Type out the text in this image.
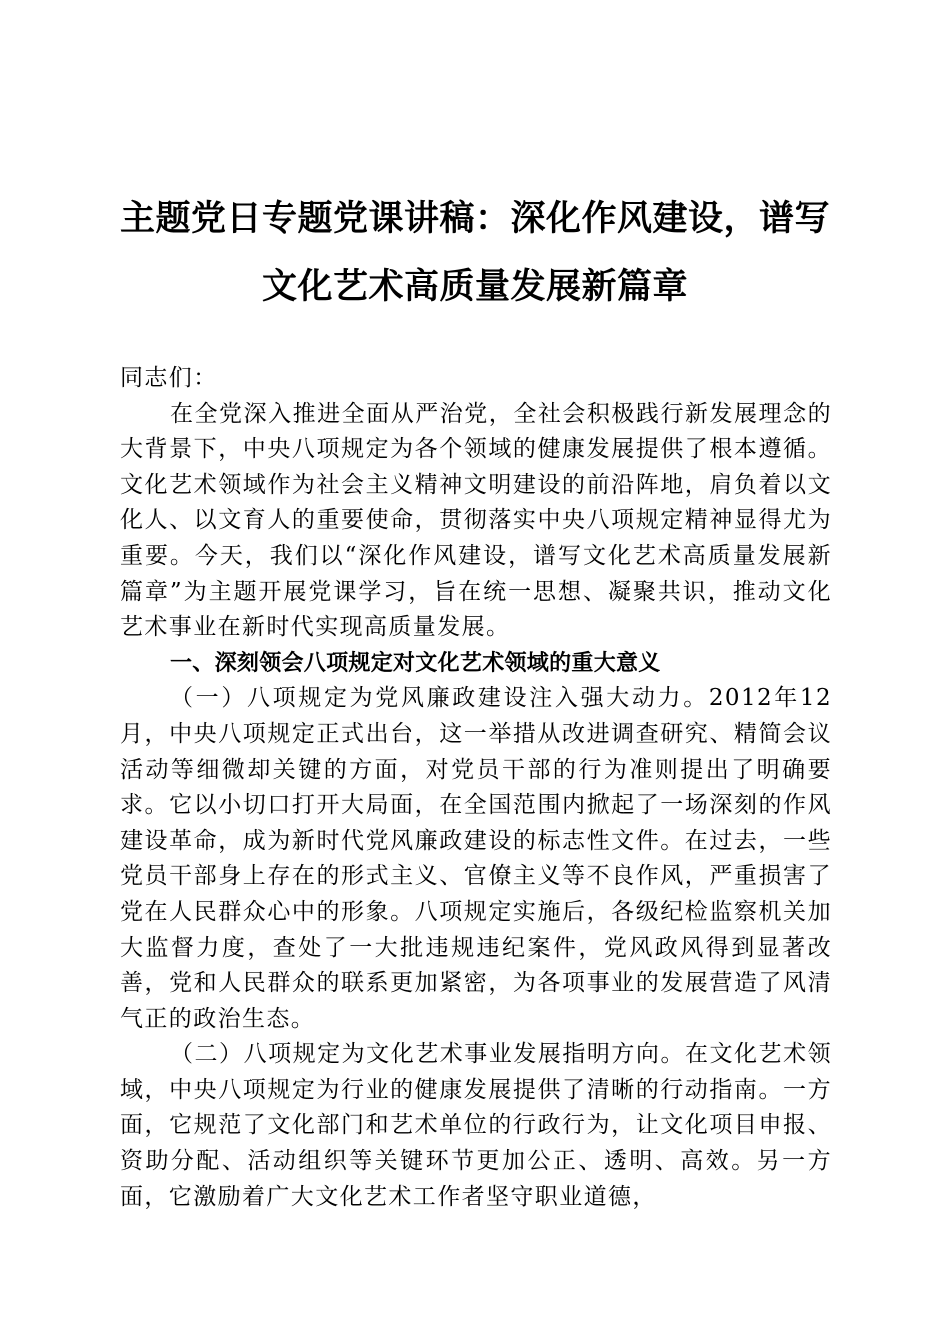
主题党日专题党课讲稿：深化作风建设，谱写
文化艺术高质量发展新篇章

同志们：

在全党深入推进全面从严治党，全社会积极践行新发展理念的大背景下，中央八项规定为各个领域的健康发展提供了根本遵循。文化艺术领域作为社会主义精神文明建设的前沿阵地，肩负着以文化人、以文育人的重要使命，贯彻落实中央八项规定精神显得尤为重要。今天，我们以“深化作风建设，谱写文化艺术高质量发展新篇章”为主题开展党课学习，旨在统一思想、凝聚共识，推动文化艺术事业在新时代实现高质量发展。

一、深刻领会八项规定对文化艺术领域的重大意义

（一）八项规定为党风廉政建设注入强大动力。2012年12月，中央八项规定正式出台，这一举措从改进调查研究、精简会议活动等细微却关键的方面，对党员干部的行为准则提出了明确要求。它以小切口打开大局面，在全国范围内掀起了一场深刻的作风建设革命，成为新时代党风廉政建设的标志性文件。在过去，一些党员干部身上存在的形式主义、官僚主义等不良作风，严重损害了党在人民群众心中的形象。八项规定实施后，各级纪检监察机关加大监督力度，查处了一大批违规违纪案件，党风政风得到显著改善，党和人民群众的联系更加紧密，为各项事业的发展营造了风清气正的政治生态。

（二）八项规定为文化艺术事业发展指明方向。在文化艺术领域，中央八项规定为行业的健康发展提供了清晰的行动指南。一方面，它规范了文化部门和艺术单位的行政行为，让文化项目申报、资助分配、活动组织等关键环节更加公正、透明、高效。另一方面，它激励着广大文化艺术工作者坚守职业道德，
